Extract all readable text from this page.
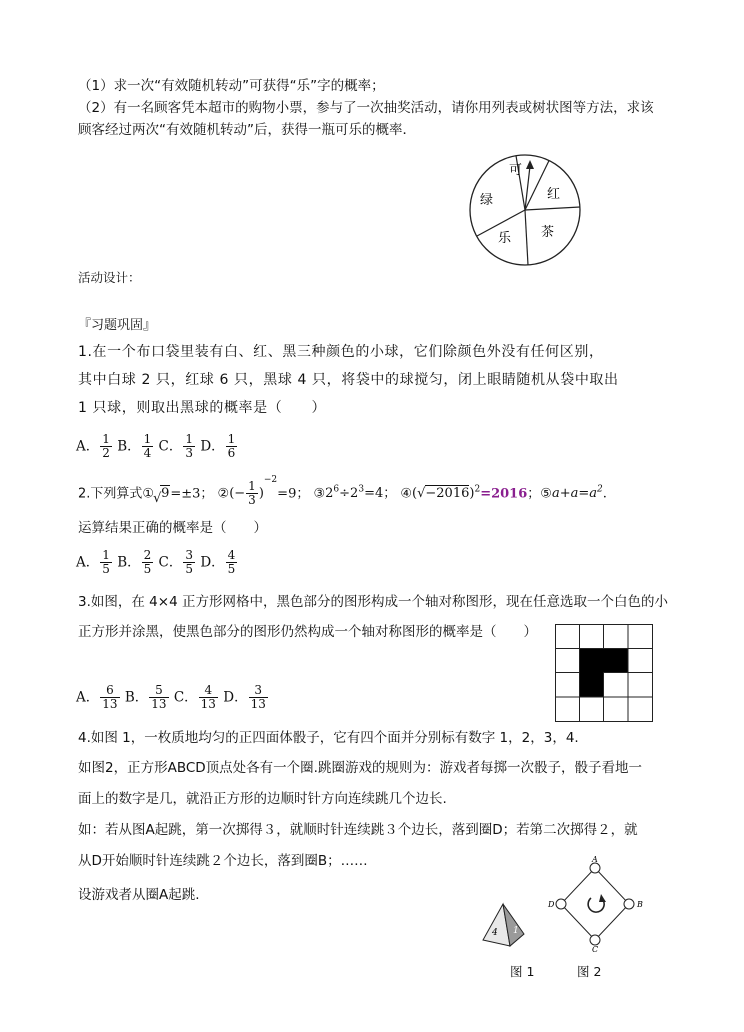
（1）求一次“有效随机转动”可获得“乐”字的概率；
（2）有一名顾客凭本超市的购物小票，参与了一次抽奖活动，请你用列表或树状图等方法，求该
顾客经过两次“有效随机转动”后，获得一瓶可乐的概率．
可
红
茶
乐
绿
活动设计：
『习题巩固』
1.在一个布口袋里装有白、红、黑三种颜色的小球，它们除颜色外没有任何区别，
其中白球 2 只，红球 6 只，黑球 4 只，将袋中的球搅匀，闭上眼睛随机从袋中取出
1 只球，则取出黑球的概率是（　　）
A． $\frac{1}{2}$ B． $\frac{1}{4}$ C． $\frac{1}{3}$ D． $\frac{1}{6}$
2.下列算式① √ 9=±3； ②(− $\frac{1}{3} )^{-2}=9$； $③2^6\div 2^3=4$； $④(√-2016)^2=2016$；$⑤a+a=a^2$.
运算结果正确的概率是（　　）
A． $\frac{1}{5}$ B． $\frac{2}{5}$ C． $\frac{3}{5}$ D． $\frac{4}{5}$
3.如图，在 4×4 正方形网格中，黑色部分的图形构成一个轴对称图形，现在任意选取一个白色的小
正方形并涂黑，使黑色部分的图形仍然构成一个轴对称图形的概率是（　　）
A． $\frac{6}{13}$ B． $\frac{5}{13}$ C． $\frac{4}{13}$ D． $\frac{3}{13}$
4.如图 1，一枚质地均匀的正四面体骰子，它有四个面并分别标有数字 1，2，3，4.
如图2，正方形ABCD顶点处各有一个圈.跳圈游戏的规则为：游戏者每掷一次骰子，骰子看地一
面上的数字是几，就沿正方形的边顺时针方向连续跳几个边长.
如：若从图A起跳，第一次掷得３，就顺时针连续跳３个边长，落到圈D；若第二次掷得２，就
从D开始顺时针连续跳２个边长，落到圈B；……
设游戏者从圈A起跳.
4 1
A
B
C
D
图 1	图 2
